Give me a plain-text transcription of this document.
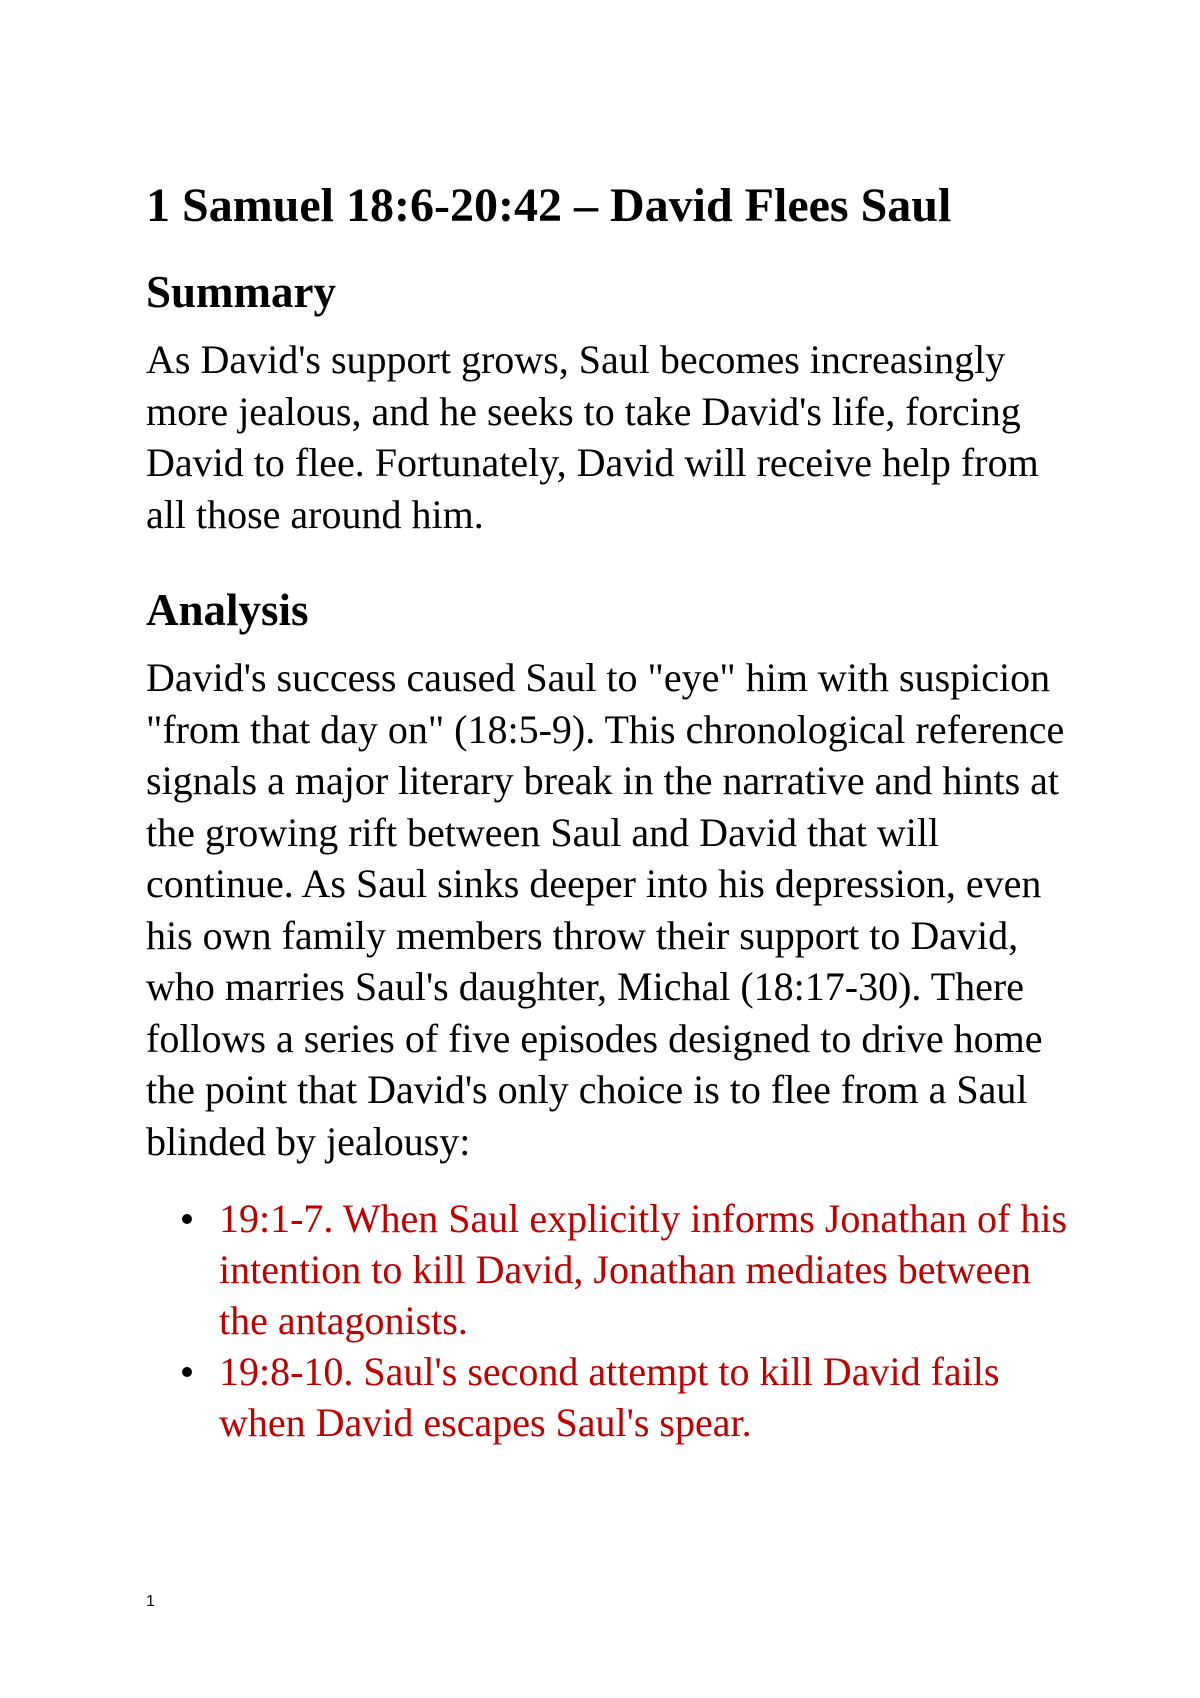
1 Samuel 18:6-20:42 – David Flees Saul
Summary

As David's support grows, Saul becomes increasingly more jealous, and he seeks to take David's life, forcing David to flee. Fortunately, David will receive help from all those around him.

Analysis

David's success caused Saul to "eye" him with suspicion "from that day on" (18:5-9). This chronological reference signals a major literary break in the narrative and hints at the growing rift between Saul and David that will continue. As Saul sinks deeper into his depression, even his own family members throw their support to David, who marries Saul's daughter, Michal (18:17-30). There follows a series of five episodes designed to drive home the point that David's only choice is to flee from a Saul blinded by jealousy:

19:1-7. When Saul explicitly informs Jonathan of his intention to kill David, Jonathan mediates between the antagonists.
19:8-10. Saul's second attempt to kill David fails when David escapes Saul's spear.
1
